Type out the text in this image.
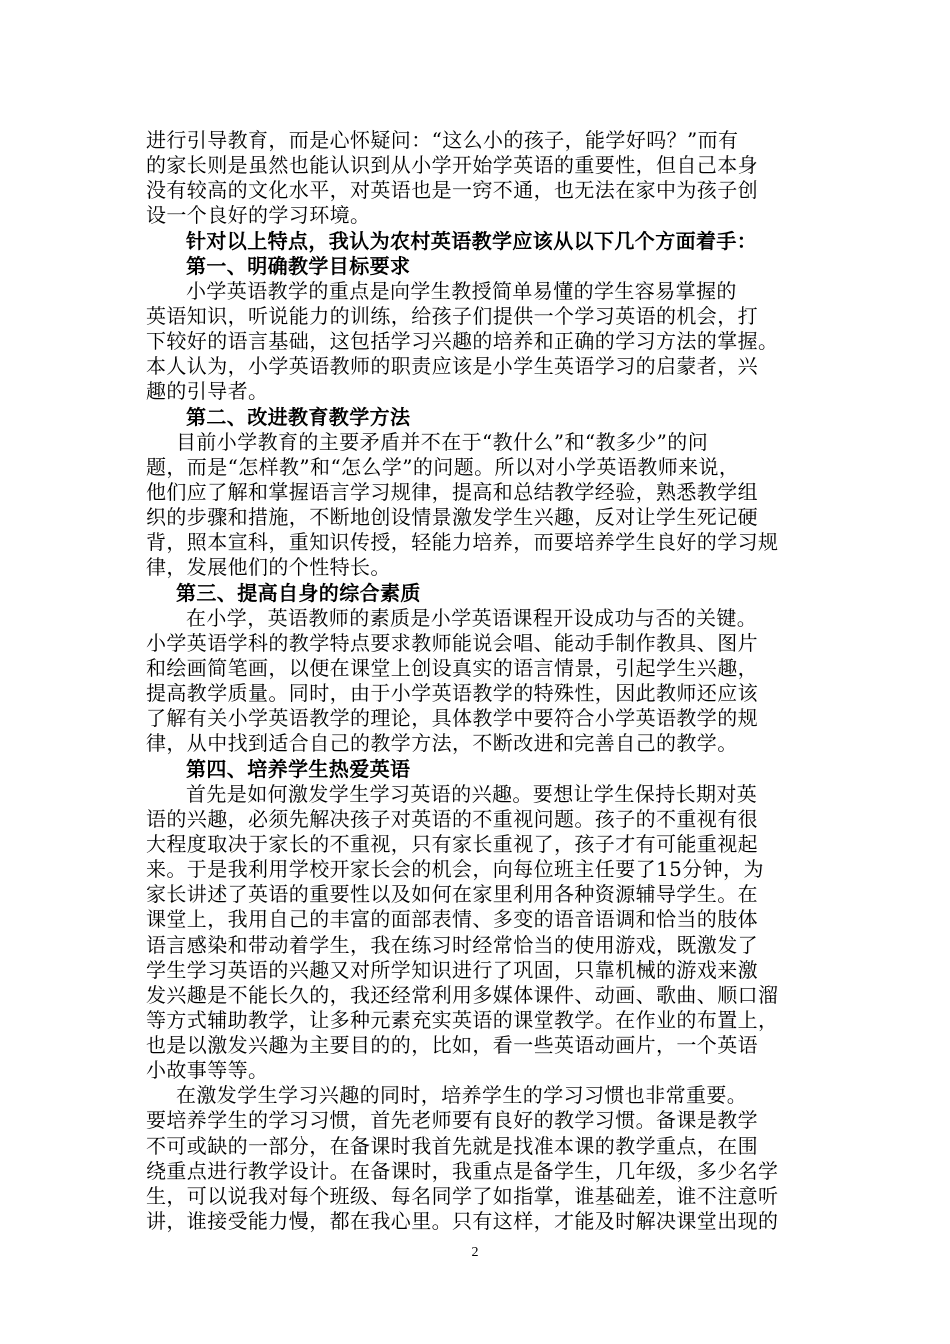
进行引导教育，而是心怀疑问：“这么小的孩子，能学好吗？”而有
的家长则是虽然也能认识到从小学开始学英语的重要性，但自己本身
没有较高的文化水平，对英语也是一窍不通，也无法在家中为孩子创
设一个良好的学习环境。
针对以上特点，我认为农村英语教学应该从以下几个方面着手：
第一、明确教学目标要求
小学英语教学的重点是向学生教授简单易懂的学生容易掌握的
英语知识，听说能力的训练，给孩子们提供一个学习英语的机会，打
下较好的语言基础，这包括学习兴趣的培养和正确的学习方法的掌握。
本人认为，小学英语教师的职责应该是小学生英语学习的启蒙者，兴
趣的引导者。
第二、改进教育教学方法
目前小学教育的主要矛盾并不在于“教什么”和“教多少”的问
题，而是“怎样教”和“怎么学”的问题。所以对小学英语教师来说，
他们应了解和掌握语言学习规律，提高和总结教学经验，熟悉教学组
织的步骤和措施，不断地创设情景激发学生兴趣，反对让学生死记硬
背，照本宣科，重知识传授，轻能力培养，而要培养学生良好的学习规
律，发展他们的个性特长。
第三、提高自身的综合素质
在小学，英语教师的素质是小学英语课程开设成功与否的关键。
小学英语学科的教学特点要求教师能说会唱、能动手制作教具、图片
和绘画简笔画，以便在课堂上创设真实的语言情景，引起学生兴趣，
提高教学质量。同时，由于小学英语教学的特殊性，因此教师还应该
了解有关小学英语教学的理论，具体教学中要符合小学英语教学的规
律，从中找到适合自己的教学方法，不断改进和完善自己的教学。
第四、培养学生热爱英语
首先是如何激发学生学习英语的兴趣。要想让学生保持长期对英
语的兴趣，必须先解决孩子对英语的不重视问题。孩子的不重视有很
大程度取决于家长的不重视，只有家长重视了，孩子才有可能重视起
来。于是我利用学校开家长会的机会，向每位班主任要了15分钟，为
家长讲述了英语的重要性以及如何在家里利用各种资源辅导学生。在
课堂上，我用自己的丰富的面部表情、多变的语音语调和恰当的肢体
语言感染和带动着学生，我在练习时经常恰当的使用游戏，既激发了
学生学习英语的兴趣又对所学知识进行了巩固，只靠机械的游戏来激
发兴趣是不能长久的，我还经常利用多媒体课件、动画、歌曲、顺口溜
等方式辅助教学，让多种元素充实英语的课堂教学。在作业的布置上，
也是以激发兴趣为主要目的的，比如，看一些英语动画片，一个英语
小故事等等。
在激发学生学习兴趣的同时，培养学生的学习习惯也非常重要。
要培养学生的学习习惯，首先老师要有良好的教学习惯。备课是教学
不可或缺的一部分，在备课时我首先就是找准本课的教学重点，在围
绕重点进行教学设计。在备课时，我重点是备学生，几年级，多少名学
生，可以说我对每个班级、每名同学了如指掌，谁基础差，谁不注意听
讲，谁接受能力慢，都在我心里。只有这样，才能及时解决课堂出现的
2
